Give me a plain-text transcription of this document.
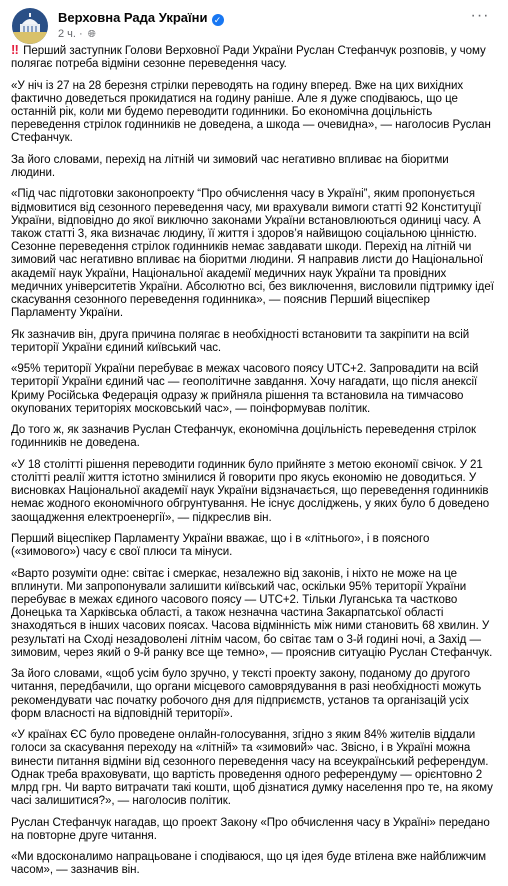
Верховна Рада України ✓
2 ч. · 🌐︎
···

‼ Перший заступник Голови Верховної Ради України Руслан Стефанчук розповів, у чому полягає потреба відміни сезонне переведення часу.

«У ніч із 27 на 28 березня стрілки переводять на годину вперед. Вже на цих вихідних фактично доведеться прокидатися на годину раніше. Але я дуже сподіваюсь, що це останній рік, коли ми будемо переводити годинники. Бо економічна доцільність переведення стрілок годинників не доведена, а шкода — очевидна», — наголосив Руслан Стефанчук.

За його словами, перехід на літній чи зимовий час негативно впливає на біоритми людини.

«Під час підготовки законопроекту “Про обчислення часу в Україні”, яким пропонується відмовитися від сезонного переведення часу, ми врахували вимоги статті 92 Конституції України, відповідно до якої виключно законами України встановлюються одиниці часу. А також статті 3, яка визначає людину, її життя і здоров’я найвищою соціальною цінністю. Сезонне переведення стрілок годинників немає завдавати шкоди. Перехід на літній чи зимовий час негативно впливає на біоритми людини. Я направив листи до Національної академії наук України, Національної академії медичних наук України та провідних медичних університетів України. Абсолютно всі, без виключення, висловили підтримку ідеї скасування сезонного переведення годинника», — пояснив Перший віцеспікер Парламенту України.

Як зазначив він, друга причина полягає в необхідності встановити та закріпити на всій території України єдиний київський час.

«95% території України перебуває в межах часового поясу UTC+2. Запровадити на всій території України єдиний час — геополітичне завдання. Хочу нагадати, що після анексії Криму Російська Федерація одразу ж прийняла рішення та встановила на тимчасово окупованих територіях московський час», — поінформував політик.

До того ж, як зазначив Руслан Стефанчук, економічна доцільність переведення стрілок годинників не доведена.

«У 18 столітті рішення переводити годинник було прийняте з метою економії свічок. У 21 столітті реалії життя істотно змінилися й говорити про якусь економію не доводиться. У висновках Національної академії наук України відзначається, що переведення годинників немає жодного економічного обгрунтування. Не існує досліджень, у яких було б доведено зaощадження електроенергії», — підкреслив він.

Перший віцеспікер Парламенту України вважає, що і в «літнього», і в поясного («зимового») часу є свої плюси та мінуси.

«Варто розуміти одне: світає і смеркає, незалежно від законів, і ніхто не може на це вплинути. Ми запропонували залишити київський час, оскільки 95% території України перебуває в межах єдиного часового поясу — UTC+2. Тільки Луганська та частково Донецька та Харківська області, а також незначна частина Закарпатської області знаходяться в інших часових поясах. Часова відмінність між ними становить 68 хвилин. У результаті на Сході незадоволені літнім часом, бо світає там о 3-й годині ночі, а Захід — зимовим, через який о 9-й ранку все ще темно», — прояснив ситуацію Руслан Стефанчук.

За його словами, «щоб усім було зручно, у тексті проекту закону, поданому до другого читання, передбачили, що органи місцевого самоврядування в разі необхідності можуть рекомендувати час початку робочого дня для підприємств, установ та організацій усіх форм власності на відповідній території».

«У країнах ЄС було проведене онлайн-голосування, згідно з яким 84% жителів віддали голоси за скасування переходу на «літній» та «зимовий» час. Звісно, і в Україні можна винести питання відміни від сезонного переведення часу на всеукраїнський референдум. Однак треба враховувати, що вартість проведення одного референдуму — орієнтовно 2 млрд грн. Чи варто витрачати такі кошти, щоб дізнатися думку населення про те, на якому часі залишитися?», — наголосив політик.

Руслан Стефанчук нагадав, що проект Закону «Про обчислення часу в Україні» передано на повторне друге читання.

«Ми вдосконалимо напрацьоване і сподіваюся, що ця ідея буде втілена вже найближчим часом», — зазначив він.
